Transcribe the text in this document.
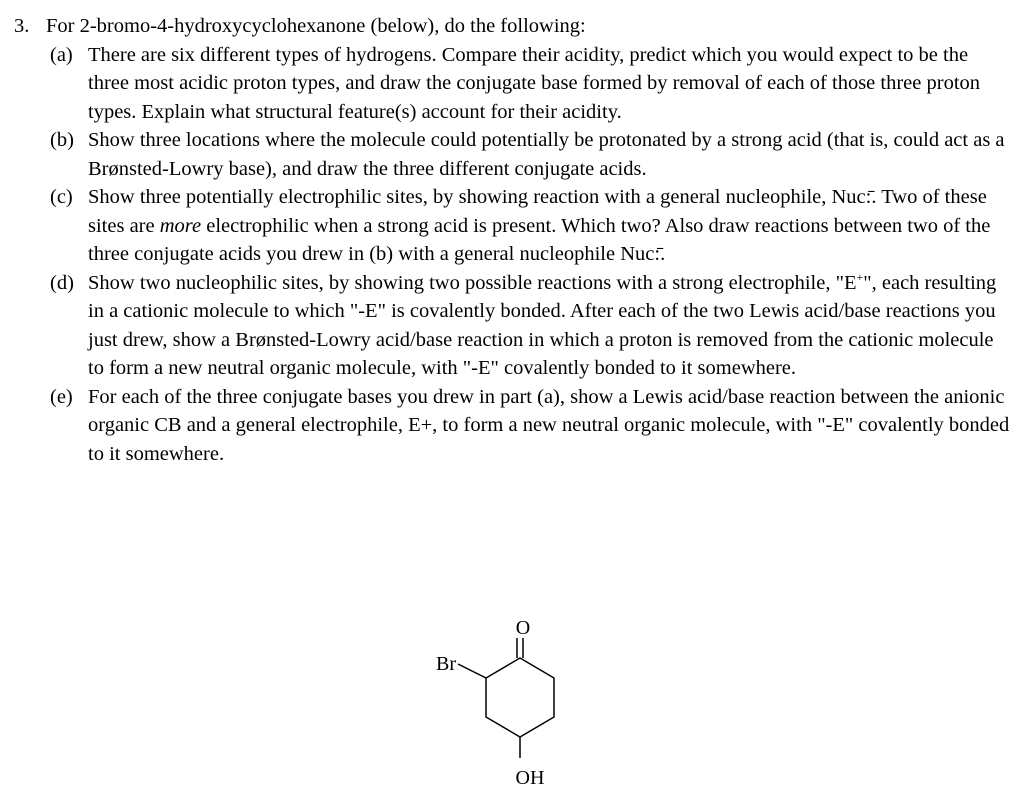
3. For 2-bromo-4-hydroxycyclohexanone (below), do the following:
(a) There are six different types of hydrogens. Compare their acidity, predict which you would expect to be the three most acidic proton types, and draw the conjugate base formed by removal of each of those three proton types. Explain what structural feature(s) account for their acidity.
(b) Show three locations where the molecule could potentially be protonated by a strong acid (that is, could act as a Brønsted-Lowry base), and draw the three different conjugate acids.
(c) Show three potentially electrophilic sites, by showing reaction with a general nucleophile, Nuc:̄. Two of these sites are more electrophilic when a strong acid is present. Which two? Also draw reactions between two of the three conjugate acids you drew in (b) with a general nucleophile Nuc:̄.
(d) Show two nucleophilic sites, by showing two possible reactions with a strong electrophile, "E+", each resulting in a cationic molecule to which "-E" is covalently bonded. After each of the two Lewis acid/base reactions you just drew, show a Brønsted-Lowry acid/base reaction in which a proton is removed from the cationic molecule to form a new neutral organic molecule, with "-E" covalently bonded to it somewhere.
(e) For each of the three conjugate bases you drew in part (a), show a Lewis acid/base reaction between the anionic organic CB and a general electrophile, E+, to form a new neutral organic molecule, with "-E" covalently bonded to it somewhere.
O
Br
OH
